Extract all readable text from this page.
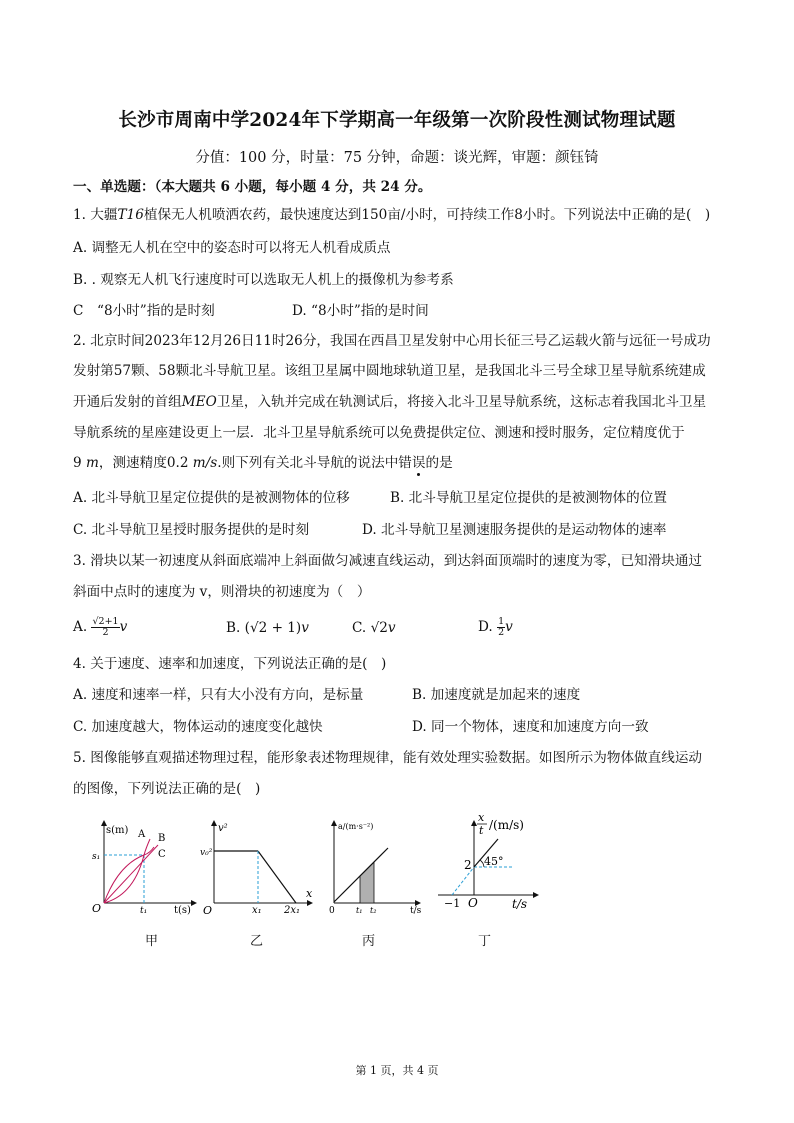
长沙市周南中学2024年下学期高一年级第一次阶段性测试物理试题
分值：100 分，时量：75 分钟，命题：谈光辉，审题：颜钰锜
一、单选题：（本大题共 6 小题，每小题 4 分，共 24 分。
1. 大疆T16植保无人机喷洒农药，最快速度达到150亩/小时，可持续工作8小时。下列说法中正确的是(　)
A. 调整无人机在空中的姿态时可以将无人机看成质点
B. . 观察无人机飞行速度时可以选取无人机上的摄像机为参考系
C　“8小时”指的是时刻	D. “8小时”指的是时间
2. 北京时间2023年12月26日11时26分，我国在西昌卫星发射中心用长征三号乙运载火箭与远征一号成功
发射第57颗、58颗北斗导航卫星。该组卫星属中圆地球轨道卫星，是我国北斗三号全球卫星导航系统建成
开通后发射的首组MEO卫星，入轨并完成在轨测试后，将接入北斗卫星导航系统，这标志着我国北斗卫星
导航系统的星座建设更上一层．北斗卫星导航系统可以免费提供定位、测速和授时服务，定位精度优于
9 m，测速精度0.2 m/s.则下列有关北斗导航的说法中错误的是
A. 北斗导航卫星定位提供的是被测物体的位移	B. 北斗导航卫星定位提供的是被测物体的位置
C. 北斗导航卫星授时服务提供的是时刻	D. 北斗导航卫星测速服务提供的是运动物体的速率
3. 滑块以某一初速度从斜面底端冲上斜面做匀减速直线运动，到达斜面顶端时的速度为零，已知滑块通过
斜面中点时的速度为 v，则滑块的初速度为（　）
A. $\frac{√2+1}{2}$ v	B. (√2 + 1)v	C. √2v	D. $\frac{1}{2}$ v
4. 关于速度、速率和加速度，下列说法正确的是(　)
A. 速度和速率一样，只有大小没有方向，是标量	B. 加速度就是加起来的速度
C. 加速度越大，物体运动的速度变化越快	D. 同一个物体，速度和加速度方向一致
5. 图像能够直观描述物理过程，能形象表述物理规律，能有效处理实验数据。如图所示为物体做直线运动
的图像，下列说法正确的是(　)
s(m)
s₁
O	t₁	t(s)
A B
C
v²
v₀²
O	x₁ 2x₁
x
a/(m·s⁻²)
0	t₁ t₂	t/s
x
t /(m/s)
2 45°
−1 O	t/s
甲	乙	丙	丁
第 1 页，共 4 页
